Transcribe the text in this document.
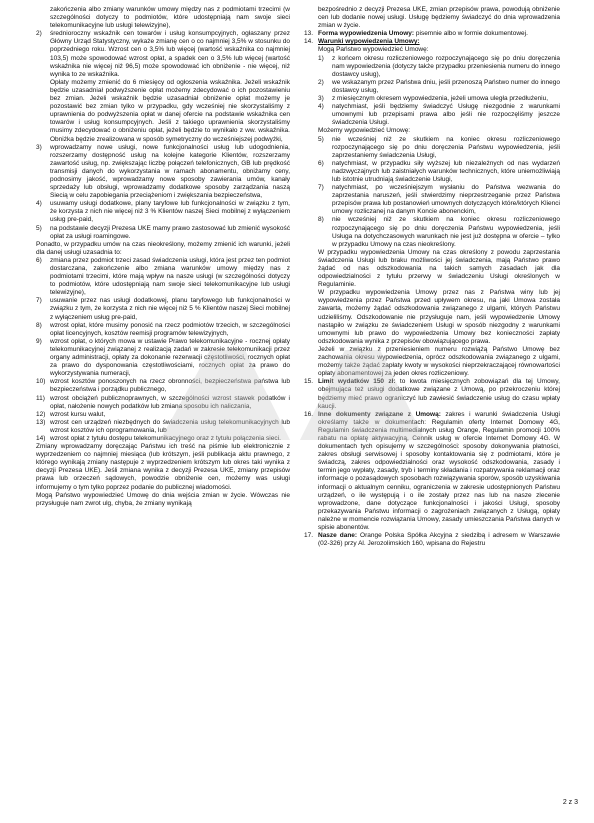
zakończenia albo zmiany warunków umowy między nas z podmiotami trzecimi (w szczególności dotyczy to podmiotów, które udostępniają nam swoje sieci telekomunikacyjne lub usługi telewizyjne),

2)	średnioroczny wskaźnik cen towarów i usług konsumpcyjnych, ogłaszany przez Główny Urząd Statystyczny, wykaże zmianę cen o co najmniej 3,5% w stosunku do poprzedniego roku. Wzrost cen o 3,5% lub więcej (wartość wskaźnika co najmniej 103,5) może spowodować wzrost opłat, a spadek cen o 3,5% lub więcej (wartość wskaźnika nie więcej niż 96,5) może spowodować ich obniżenie - nie więcej, niż wynika to ze wskaźnika.

Opłaty możemy zmienić do 6 miesięcy od ogłoszenia wskaźnika. Jeżeli wskaźnik będzie uzasadniał podwyższenie opłat możemy zdecydować o ich pozostawieniu bez zmian. Jeżeli wskaźnik będzie uzasadniał obniżenie opłat możemy je pozostawić bez zmian tylko w przypadku, gdy wcześniej nie skorzystaliśmy z uprawnienia do podwyższenia opłat w danej ofercie na podstawie wskaźnika cen towarów i usług konsumpcyjnych. Jeśli z takiego uprawnienia skorzystaliśmy musimy zdecydować o obniżeniu opłat, jeżeli będzie to wynikało z ww. wskaźnika. Obniżka będzie zrealizowana w sposób symetryczny do wcześniejszej podwyżki,

3)	wprowadzamy nowe usługi, nowe funkcjonalności usług lub udogodnienia, rozszerzamy dostępność usług na kolejne kategorie Klientów, rozszerzamy zawartość usług, np. zwiększając liczbę połączeń telefonicznych, GB lub prędkość transmisji danych do wykorzystania w ramach abonamentu, obniżamy ceny, podnosimy jakość, wprowadzamy nowe sposoby zawierania umów, kanały sprzedaży lub obsługi, wprowadzamy dodatkowe sposoby zarządzania naszą Siecią w celu zapobiegania przeciążeniom i zwiększania bezpieczeństwa,
4)	usuwamy usługi dodatkowe, plany taryfowe lub funkcjonalności w związku z tym, że korzysta z nich nie więcej niż 3 % Klientów naszej Sieci mobilnej z wyłączeniem usług pre-paid,
5)	na podstawie decyzji Prezesa UKE mamy prawo zastosować lub zmienić wysokość opłat za usługi roamingowe.

Ponadto, w przypadku umów na czas nieokreślony, możemy zmienić ich warunki, jeżeli dla danej usługi uzasadnia to:

6)	zmiana przez podmiot trzeci zasad świadczenia usługi, która jest przez ten podmiot dostarczana, zakończenie albo zmiana warunków umowy między nas z podmiotami trzecimi, które mają wpływ na nasze usługi (w szczególności dotyczy to podmiotów, które udostępniają nam swoje sieci telekomunikacyjne lub usługi telewizyjne),
7)	usuwanie przez nas usługi dodatkowej, planu taryfowego lub funkcjonalności w związku z tym, że korzysta z nich nie więcej niż 5 % Klientów naszej Sieci mobilnej z wyłączeniem usług pre-paid,
8)	wzrost opłat, które musimy ponosić na rzecz podmiotów trzecich, w szczególności opłat licencyjnych, kosztów reemisji programów telewizyjnych,
9)	wzrost opłat, o których mowa w ustawie Prawo telekomunikacyjne - rocznej opłaty telekomunikacyjnej związanej z realizacją zadań w zakresie telekomunikacji przez organy administracji, opłaty za dokonanie rezerwacji częstotliwości, rocznych opłat za prawo do dysponowania częstotliwościami, rocznych opłat za prawo do wykorzystywania numeracji,
10) wzrost kosztów ponoszonych na rzecz obronności, bezpieczeństwa państwa lub bezpieczeństwa i porządku publicznego,
11) wzrost obciążeń publicznoprawnych, w szczególności wzrost stawek podatków i opłat, nałożenie nowych podatków lub zmiana sposobu ich naliczania,
12) wzrost kursu walut,
13) wzrost cen urządzeń niezbędnych do świadczenia usług telekomunikacyjnych lub wzrost kosztów ich oprogramowania, lub
14) wzrost opłat z tytułu dostępu telekomunikacyjnego oraz z tytułu połączenia sieci.

Zmiany wprowadzamy doręczając Państwu ich treść na piśmie lub elektronicznie z wyprzedzeniem co najmniej miesiąca (lub krótszym, jeśli publikacja aktu prawnego, z którego wynikają zmiany następuje z wyprzedzeniem krótszym lub okres taki wynika z decyzji Prezesa UKE). Jeśli zmiana wynika z decyzji Prezesa UKE, zmiany przepisów prawa lub orzeczeń sądowych, powodzie obniżenie cen, możemy was usługi informujemy o tym tylko poprzez podanie do publicznej wiadomości.

Mogą Państwo wypowiedzieć Umowę do dnia wejścia zmian w życie. Wówczas nie przysługuje nam zwrot ulg, chyba, że zmiany wynikają

bezpośrednio z decyzji Prezesa UKE, zmian przepisów prawa, powodują obniżenie cen lub dodanie nowej usługi. Usługę będziemy świadczyć do dnia wprowadzenia zmian w życie.

13. Forma wypowiedzenia Umowy: pisemnie albo w formie dokumentowej.
14. Warunki wypowiedzenia Umowy:

Mogą Państwo wypowiedzieć Umowę:

1)	z końcem okresu rozliczeniowego rozpoczynającego się po dniu doręczenia nam wypowiedzenia (dotyczy także przypadku przeniesienia numeru do innego dostawcy usług),
2)	we wskazanym przez Państwa dniu, jeśli przenoszą Państwo numer do innego dostawcy usług,
3)	z miesięcznym okresem wypowiedzenia, jeżeli umowa uległa przedłużeniu,
4)	natychmiast, jeśli będziemy świadczyć Usługę niezgodnie z warunkami umownymi lub przepisami prawa albo jeśli nie rozpoczęliśmy jeszcze świadczenia Usługi.

Możemy wypowiedzieć Umowę:

5)	nie wcześniej niż ze skutkiem na koniec okresu rozliczeniowego rozpoczynającego się po dniu doręczenia Państwu wypowiedzenia, jeśli zaprzestaniemy świadczenia Usługi,
6)	natychmiast, w przypadku siły wyższej lub niezależnych od nas wydarzeń nadzwyczajnych lub zaistniałych warunków technicznych, które uniemożliwiają lub istotnie utrudniają świadczenie Usługi,
7)	natychmiast, po wcześniejszym wysłaniu do Państwa wezwania do zaprzestania naruszeń, jeśli stwierdzimy nieprzestrzeganie przez Państwa przepisów prawa lub postanowień umownych dotyczących które/których Klienci umowy rozliczanej na danym Koncie abonenckim,
8)	nie wcześniej niż ze skutkiem na koniec okresu rozliczeniowego rozpoczynającego się po dniu doręczenia Państwu wypowiedzenia, jeśli Usługa na dotychczasowych warunkach nie jest już dostępna w ofercie – tylko w przypadku Umowy na czas nieokreślony.

W przypadku wypowiedzenia Umowy na czas określony z powodu zaprzestania świadczenia Usługi lub braku możliwości jej świadczenia, mają Państwo prawo żądać od nas odszkodowania na takich samych zasadach jak dla odpowiedzialności z tytułu przerwy w świadczeniu Usługi określonych w Regulaminie.

W przypadku wypowiedzenia Umowy przez nas z Państwa winy lub jej wypowiedzenia przez Państwa przed upływem okresu, na jaki Umowa została zawarta, możemy żądać odszkodowania związanego z ulgami, których Państwu udzieliliśmy. Odszkodowanie nie przysługuje nam, jeśli wypowiedzenie Umowy nastąpiło w związku ze świadczeniem Usługi w sposób niezgodny z warunkami umownymi lub prawo do wypowiedzenia Umowy bez konieczności zapłaty odszkodowania wynika z przepisów obowiązującego prawa.

Jeżeli w związku z przeniesieniem numeru rozwiążą Państwo Umowę bez zachowania okresu wypowiedzenia, oprócz odszkodowania związanego z ulgami, możemy także żądać zapłaty kwoty w wysokości nieprzekraczającej równowartości opłaty abonamentowej za jeden okres rozliczeniowy.

15. Limit wydatków 150 zł: to kwota miesięcznych zobowiązań dla tej Umowy, obejmująca też usługi dodatkowe związane z Umową, po przekroczeniu której będziemy mieć prawo ograniczyć lub zawiesić świadczenie usług do czasu wpłaty kaucji.
16. Inne dokumenty związane z Umową: zakres i warunki świadczenia Usługi określamy także w dokumentach: Regulamin oferty Internet Domowy 4G, Regulamin świadczenia multimedialnych usług Orange, Regulamin promocji 100% rabatu na opłatę aktywacyjną, Cennik usług w ofercie Internet Domowy 4G. W dokumentach tych opisujemy w szczególności: sposoby dokonywania płatności, zakres obsługi serwisowej i sposoby kontaktowania się z podmiotami, które je świadczą, zakres odpowiedzialności oraz wysokość odszkodowania, zasady i termin jego wypłaty, zasady, tryb i terminy składania i rozpatrywania reklamacji oraz informacje o pozasądowych sposobach rozwiązywania sporów, sposób uzyskiwania informacji o aktualnym cenniku, ograniczenia w zakresie udostępnionych Państwu urządzeń, o ile występują i o ile zostały przez nas lub na nasze zlecenie wprowadzone, dane dotyczące funkcjonalności i jakości Usługi, sposoby przekazywania Państwu informacji o zagrożeniach związanych z Usługą, opłaty należne w momencie rozwiązania Umowy, zasady umieszczania Państwa danych w spisie abonentów.
17. Nasze dane: Orange Polska Spółka Akcyjna z siedzibą i adresem w Warszawie (02-326) przy Al. Jerozolimskich 160, wpisana do Rejestru
2 z 3
